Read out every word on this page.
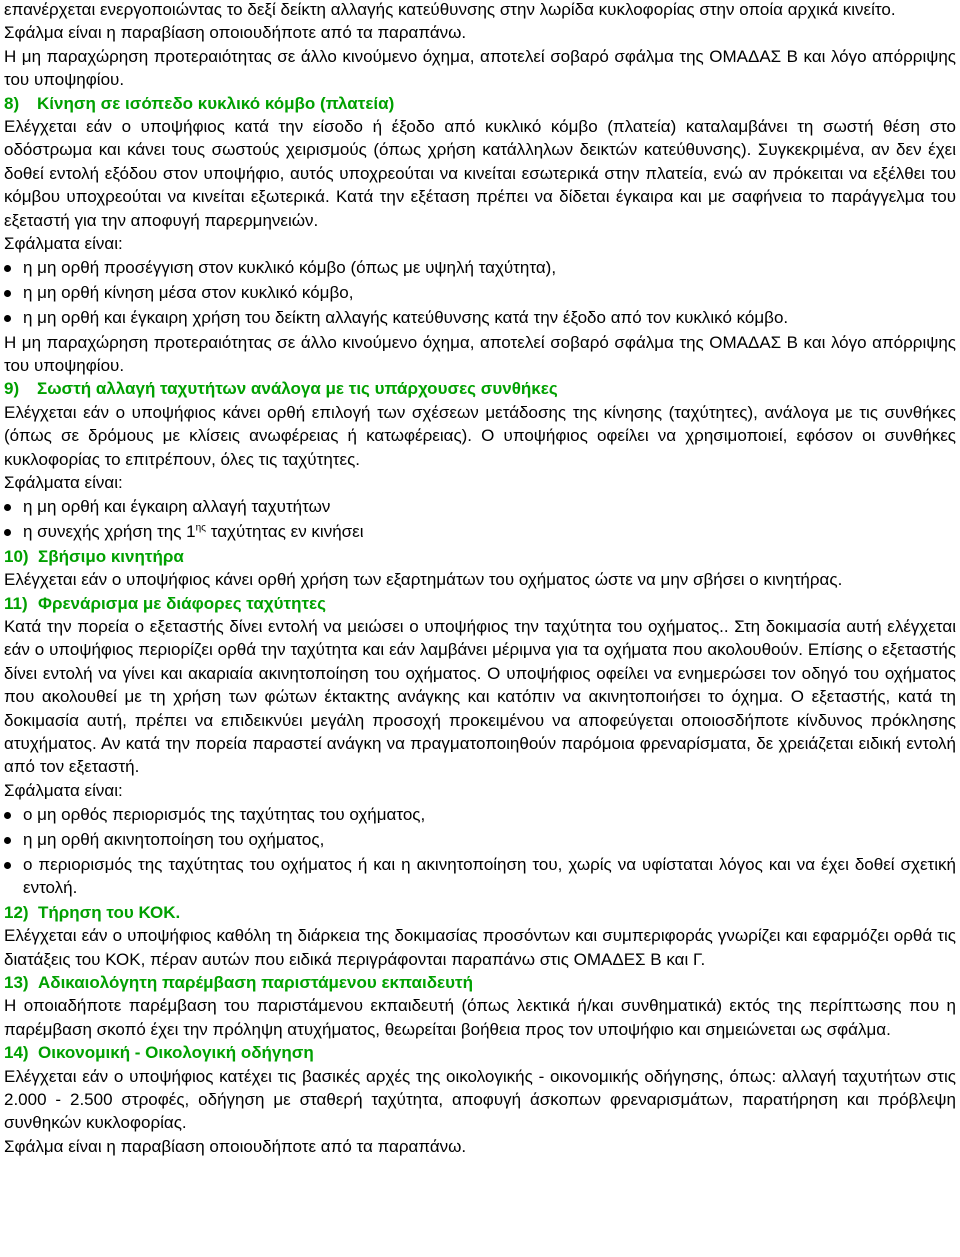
επανέρχεται ενεργοποιώντας το δεξί δείκτη αλλαγής κατεύθυνσης στην λωρίδα κυκλοφορίας στην οποία αρχικά κινείτο.

Σφάλμα είναι η παραβίαση οποιουδήποτε από τα παραπάνω.

Η μη παραχώρηση προτεραιότητας σε άλλο κινούμενο όχημα, αποτελεί σοβαρό σφάλμα της ΟΜΑΔΑΣ Β και λόγο απόρριψης του υποψηφίου.

8) Κίνηση σε ισόπεδο κυκλικό κόμβο (πλατεία)

Ελέγχεται εάν ο υποψήφιος κατά την είσοδο ή έξοδο από κυκλικό κόμβο (πλατεία) καταλαμβάνει τη σωστή θέση στο οδόστρωμα και κάνει τους σωστούς χειρισμούς (όπως χρήση κατάλληλων δεικτών κατεύθυνσης). Συγκεκριμένα, αν δεν έχει δοθεί εντολή εξόδου στον υποψήφιο, αυτός υποχρεούται να κινείται εσωτερικά στην πλατεία, ενώ αν πρόκειται να εξέλθει του κόμβου υποχρεούται να κινείται εξωτερικά. Κατά την εξέταση πρέπει να δίδεται έγκαιρα και με σαφήνεια το παράγγελμα του εξεταστή για την αποφυγή παρερμηνειών.

Σφάλματα είναι:

η μη ορθή προσέγγιση στον κυκλικό κόμβο (όπως με υψηλή ταχύτητα),
η μη ορθή κίνηση μέσα στον κυκλικό κόμβο,
η μη ορθή και έγκαιρη χρήση του δείκτη αλλαγής κατεύθυνσης κατά την έξοδο από τον κυκλικό κόμβο.

Η μη παραχώρηση προτεραιότητας σε άλλο κινούμενο όχημα, αποτελεί σοβαρό σφάλμα της ΟΜΑΔΑΣ Β και λόγο απόρριψης του υποψηφίου.

9) Σωστή αλλαγή ταχυτήτων ανάλογα με τις υπάρχουσες συνθήκες

Ελέγχεται εάν ο υποψήφιος κάνει ορθή επιλογή των σχέσεων μετάδοσης της κίνησης (ταχύτητες), ανάλογα με τις συνθήκες (όπως σε δρόμους με κλίσεις ανωφέρειας ή κατωφέρειας). Ο υποψήφιος οφείλει να χρησιμοποιεί, εφόσον οι συνθήκες κυκλοφορίας το επιτρέπουν, όλες τις ταχύτητες.

Σφάλματα είναι:

η μη ορθή και έγκαιρη αλλαγή ταχυτήτων
η συνεχής χρήση της $1^{\eta\varsigma}$ ταχύτητας εν κινήσει

10) Σβήσιμο κινητήρα

Ελέγχεται εάν ο υποψήφιος κάνει ορθή χρήση των εξαρτημάτων του οχήματος ώστε να μην σβήσει ο κινητήρας.

11) Φρενάρισμα με διάφορες ταχύτητες

Κατά την πορεία ο εξεταστής δίνει εντολή να μειώσει ο υποψήφιος την ταχύτητα του οχήματος.. Στη δοκιμασία αυτή ελέγχεται εάν ο υποψήφιος περιορίζει ορθά την ταχύτητα και εάν λαμβάνει μέριμνα για τα οχήματα που ακολουθούν. Επίσης ο εξεταστής δίνει εντολή να γίνει και ακαριαία ακινητοποίηση του οχήματος. Ο υποψήφιος οφείλει να ενημερώσει τον οδηγό του οχήματος που ακολουθεί με τη χρήση των φώτων έκτακτης ανάγκης και κατόπιν να ακινητοποιήσει το όχημα. Ο εξεταστής, κατά τη δοκιμασία αυτή, πρέπει να επιδεικνύει μεγάλη προσοχή προκειμένου να αποφεύγεται οποιοσδήποτε κίνδυνος πρόκλησης ατυχήματος. Αν κατά την πορεία παραστεί ανάγκη να πραγματοποιηθούν παρόμοια φρεναρίσματα, δε χρειάζεται ειδική εντολή από τον εξεταστή.

Σφάλματα είναι:

ο μη ορθός περιορισμός της ταχύτητας του οχήματος,
η μη ορθή ακινητοποίηση του οχήματος,
ο περιορισμός της ταχύτητας του οχήματος ή και η ακινητοποίηση του, χωρίς να υφίσταται λόγος και να έχει δοθεί σχετική εντολή.

12) Τήρηση του ΚΟΚ.

Ελέγχεται εάν ο υποψήφιος καθόλη τη διάρκεια της δοκιμασίας προσόντων και συμπεριφοράς γνωρίζει και εφαρμόζει ορθά τις διατάξεις του ΚΟΚ, πέραν αυτών που ειδικά περιγράφονται παραπάνω στις ΟΜΑΔΕΣ Β και Γ.

13) Αδικαιολόγητη παρέμβαση παριστάμενου εκπαιδευτή

Η οποιαδήποτε παρέμβαση του παριστάμενου εκπαιδευτή (όπως λεκτικά ή/και συνθηματικά) εκτός της περίπτωσης που η παρέμβαση σκοπό έχει την πρόληψη ατυχήματος, θεωρείται βοήθεια προς τον υποψήφιο και σημειώνεται ως σφάλμα.

14) Οικονομική - Οικολογική οδήγηση

Ελέγχεται εάν ο υποψήφιος κατέχει τις βασικές αρχές της οικολογικής - οικονομικής οδήγησης, όπως: αλλαγή ταχυτήτων στις 2.000 - 2.500 στροφές, οδήγηση με σταθερή ταχύτητα, αποφυγή άσκοπων φρεναρισμάτων, παρατήρηση και πρόβλεψη συνθηκών κυκλοφορίας.

Σφάλμα είναι η παραβίαση οποιουδήποτε από τα παραπάνω.
